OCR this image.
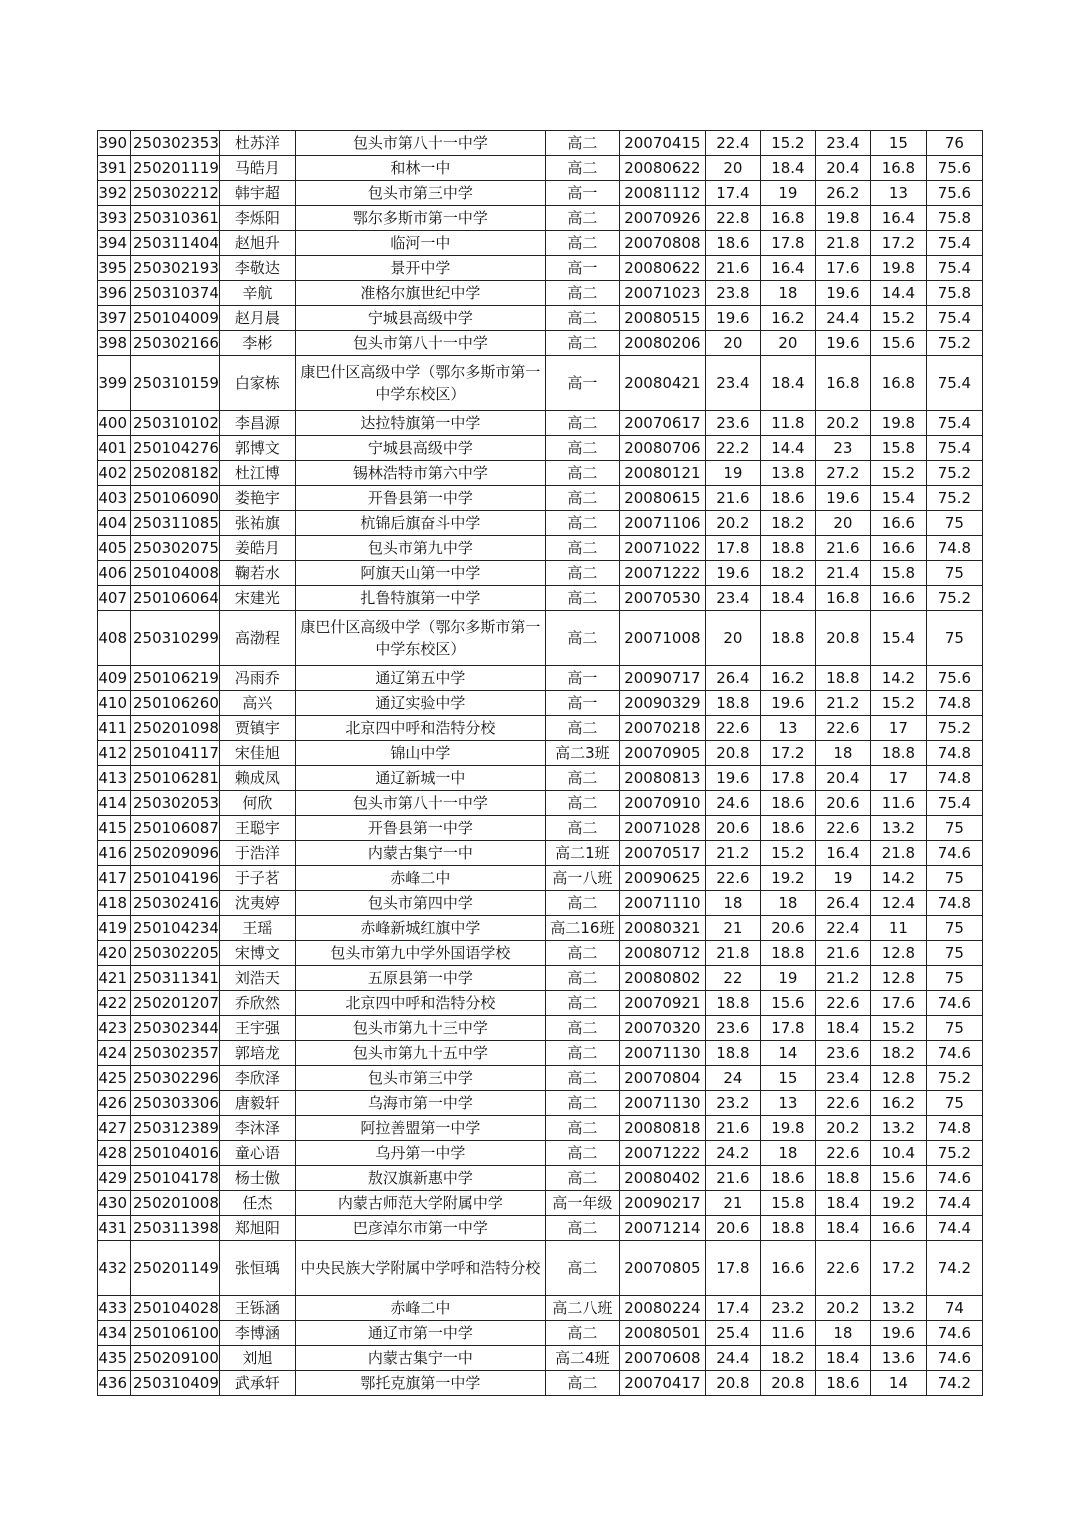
390	250302353	杜苏洋	包头市第八十一中学	高二	20070415	22.4	15.2	23.4	15	76
391	250201119	马皓月	和林一中	高二	20080622	20	18.4	20.4	16.8	75.6
392	250302212	韩宇超	包头市第三中学	高一	20081112	17.4	19	26.2	13	75.6
393	250310361	李烁阳	鄂尔多斯市第一中学	高二	20070926	22.8	16.8	19.8	16.4	75.8
394	250311404	赵旭升	临河一中	高二	20070808	18.6	17.8	21.8	17.2	75.4
395	250302193	李敬达	景开中学	高一	20080622	21.6	16.4	17.6	19.8	75.4
396	250310374	辛航	准格尔旗世纪中学	高二	20071023	23.8	18	19.6	14.4	75.8
397	250104009	赵月晨	宁城县高级中学	高二	20080515	19.6	16.2	24.4	15.2	75.4
398	250302166	李彬	包头市第八十一中学	高二	20080206	20	20	19.6	15.6	75.2
399	250310159	白家栋	康巴什区高级中学（鄂尔多斯市第一中学东校区）	高一	20080421	23.4	18.4	16.8	16.8	75.4
400	250310102	李昌源	达拉特旗第一中学	高二	20070617	23.6	11.8	20.2	19.8	75.4
401	250104276	郭博文	宁城县高级中学	高二	20080706	22.2	14.4	23	15.8	75.4
402	250208182	杜江博	锡林浩特市第六中学	高二	20080121	19	13.8	27.2	15.2	75.2
403	250106090	娄艳宇	开鲁县第一中学	高二	20080615	21.6	18.6	19.6	15.4	75.2
404	250311085	张祐旗	杭锦后旗奋斗中学	高二	20071106	20.2	18.2	20	16.6	75
405	250302075	姜皓月	包头市第九中学	高二	20071022	17.8	18.8	21.6	16.6	74.8
406	250104008	鞠若水	阿旗天山第一中学	高二	20071222	19.6	18.2	21.4	15.8	75
407	250106064	宋建光	扎鲁特旗第一中学	高二	20070530	23.4	18.4	16.8	16.6	75.2
408	250310299	高渤程	康巴什区高级中学（鄂尔多斯市第一中学东校区）	高二	20071008	20	18.8	20.8	15.4	75
409	250106219	冯雨乔	通辽第五中学	高一	20090717	26.4	16.2	18.8	14.2	75.6
410	250106260	高兴	通辽实验中学	高一	20090329	18.8	19.6	21.2	15.2	74.8
411	250201098	贾镇宇	北京四中呼和浩特分校	高二	20070218	22.6	13	22.6	17	75.2
412	250104117	宋佳旭	锦山中学	高二3班	20070905	20.8	17.2	18	18.8	74.8
413	250106281	赖成凤	通辽新城一中	高二	20080813	19.6	17.8	20.4	17	74.8
414	250302053	何欣	包头市第八十一中学	高二	20070910	24.6	18.6	20.6	11.6	75.4
415	250106087	王聪宇	开鲁县第一中学	高二	20071028	20.6	18.6	22.6	13.2	75
416	250209096	于浩洋	内蒙古集宁一中	高二1班	20070517	21.2	15.2	16.4	21.8	74.6
417	250104196	于子茗	赤峰二中	高一八班	20090625	22.6	19.2	19	14.2	75
418	250302416	沈夷婷	包头市第四中学	高二	20071110	18	18	26.4	12.4	74.8
419	250104234	王瑶	赤峰新城红旗中学	高二16班	20080321	21	20.6	22.4	11	75
420	250302205	宋博文	包头市第九中学外国语学校	高二	20080712	21.8	18.8	21.6	12.8	75
421	250311341	刘浩天	五原县第一中学	高二	20080802	22	19	21.2	12.8	75
422	250201207	乔欣然	北京四中呼和浩特分校	高二	20070921	18.8	15.6	22.6	17.6	74.6
423	250302344	王宇强	包头市第九十三中学	高二	20070320	23.6	17.8	18.4	15.2	75
424	250302357	郭培龙	包头市第九十五中学	高二	20071130	18.8	14	23.6	18.2	74.6
425	250302296	李欣泽	包头市第三中学	高二	20070804	24	15	23.4	12.8	75.2
426	250303306	唐毅轩	乌海市第一中学	高二	20071130	23.2	13	22.6	16.2	75
427	250312389	李沐泽	阿拉善盟第一中学	高二	20080818	21.6	19.8	20.2	13.2	74.8
428	250104016	童心语	乌丹第一中学	高二	20071222	24.2	18	22.6	10.4	75.2
429	250104178	杨士傲	敖汉旗新惠中学	高二	20080402	21.6	18.6	18.8	15.6	74.6
430	250201008	任杰	内蒙古师范大学附属中学	高一年级	20090217	21	15.8	18.4	19.2	74.4
431	250311398	郑旭阳	巴彦淖尔市第一中学	高二	20071214	20.6	18.8	18.4	16.6	74.4
432	250201149	张恒瑀	中央民族大学附属中学呼和浩特分校	高二	20070805	17.8	16.6	22.6	17.2	74.2
433	250104028	王铄涵	赤峰二中	高二八班	20080224	17.4	23.2	20.2	13.2	74
434	250106100	李博涵	通辽市第一中学	高二	20080501	25.4	11.6	18	19.6	74.6
435	250209100	刘旭	内蒙古集宁一中	高二4班	20070608	24.4	18.2	18.4	13.6	74.6
436	250310409	武承轩	鄂托克旗第一中学	高二	20070417	20.8	20.8	18.6	14	74.2
